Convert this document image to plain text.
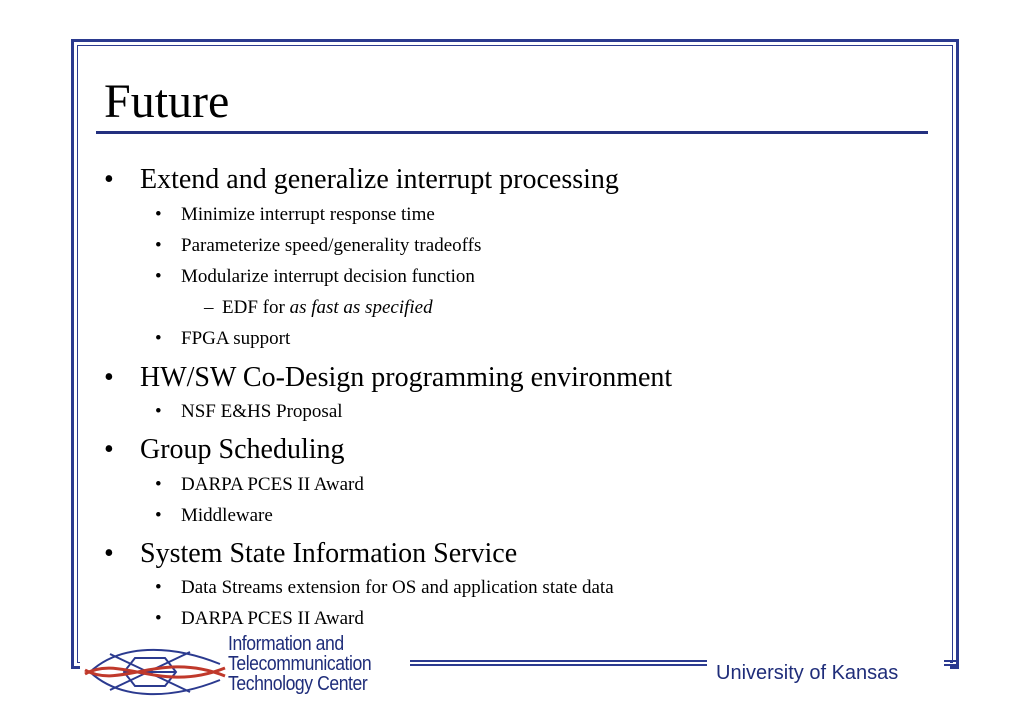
Future
• Extend and generalize interrupt processing
• Minimize interrupt response time
• Parameterize speed/generality tradeoffs
• Modularize interrupt decision function
– EDF for as fast as specified
• FPGA support
• HW/SW Co-Design programming environment
• NSF E&HS Proposal
• Group Scheduling
• DARPA PCES II Award
• Middleware
• System State Information Service
• Data Streams extension for OS and application state data
• DARPA PCES II Award
University of Kansas
Information and
Telecommunication
Technology Center
